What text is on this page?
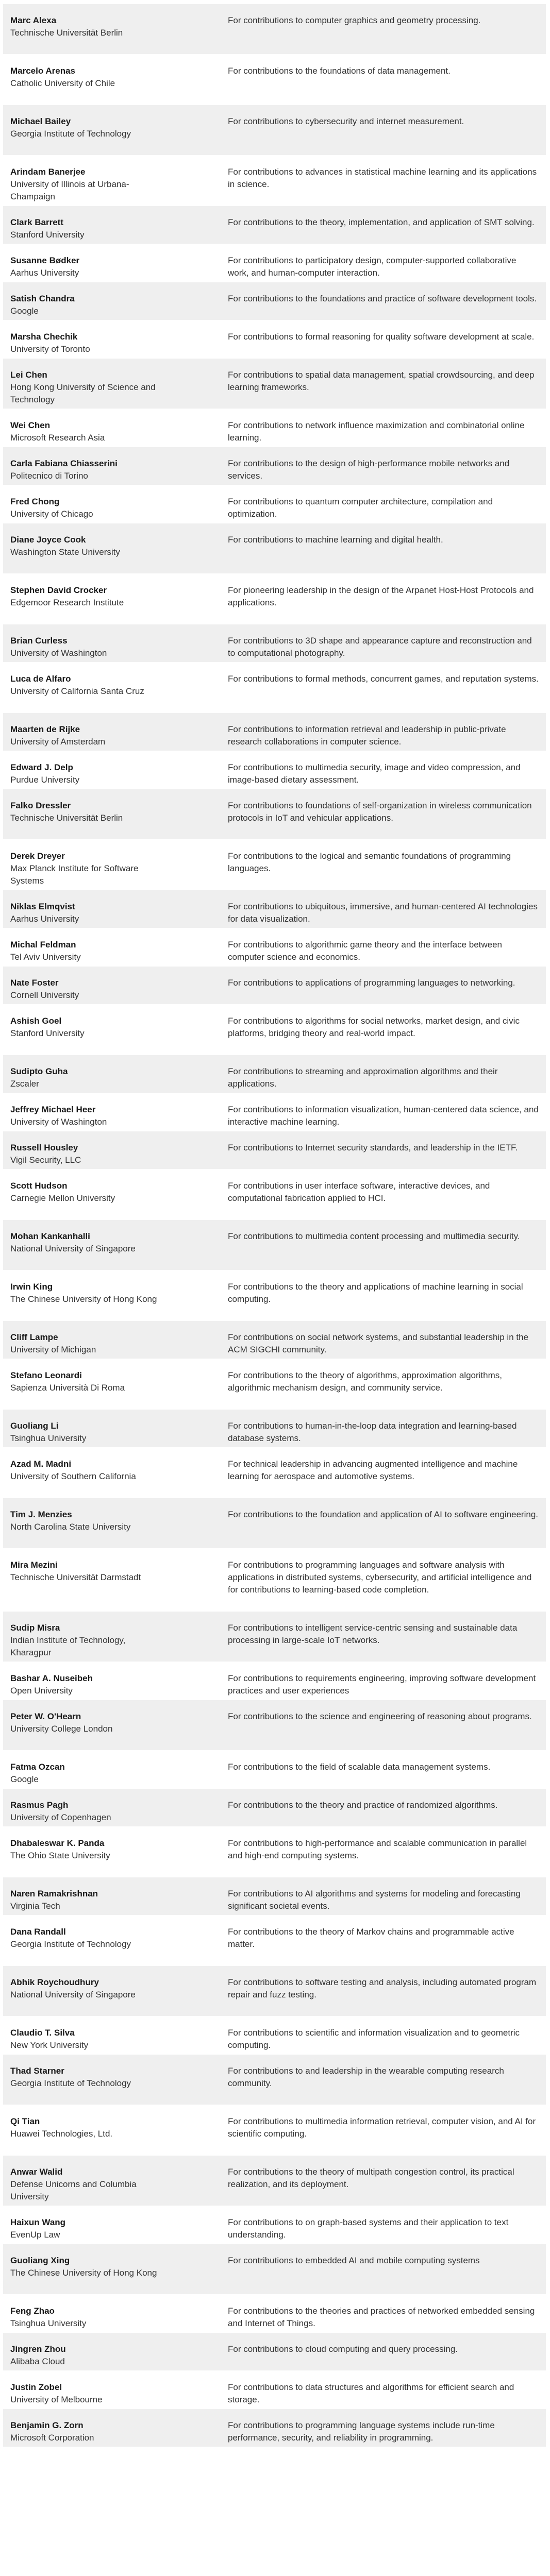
Marc Alexa
Technische Universität Berlin
For contributions to computer graphics and geometry processing.
Marcelo Arenas
Catholic University of Chile
For contributions to the foundations of data management.
Michael Bailey
Georgia Institute of Technology
For contributions to cybersecurity and internet measurement.
Arindam Banerjee
University of Illinois at Urbana-Champaign
For contributions to advances in statistical machine learning and its applications in science.
Clark Barrett
Stanford University
For contributions to the theory, implementation, and application of SMT solving.
Susanne Bødker
Aarhus University
For contributions to participatory design, computer-supported collaborative work, and human-computer interaction.
Satish Chandra
Google
For contributions to the foundations and practice of software development tools.
Marsha Chechik
University of Toronto
For contributions to formal reasoning for quality software development at scale.
Lei Chen
Hong Kong University of Science and Technology
For contributions to spatial data management, spatial crowdsourcing, and deep learning frameworks.
Wei Chen
Microsoft Research Asia
For contributions to network influence maximization and combinatorial online learning.
Carla Fabiana Chiasserini
Politecnico di Torino
For contributions to the design of high-performance mobile networks and services.
Fred Chong
University of Chicago
For contributions to quantum computer architecture, compilation and optimization.
Diane Joyce Cook
Washington State University
For contributions to machine learning and digital health.
Stephen David Crocker
Edgemoor Research Institute
For pioneering leadership in the design of the Arpanet Host-Host Protocols and applications.
Brian Curless
University of Washington
For contributions to 3D shape and appearance capture and reconstruction and to computational photography.
Luca de Alfaro
University of California Santa Cruz
For contributions to formal methods, concurrent games, and reputation systems.
Maarten de Rijke
University of Amsterdam
For contributions to information retrieval and leadership in public-private research collaborations in computer science.
Edward J. Delp
Purdue University
For contributions to multimedia security, image and video compression, and image-based dietary assessment.
Falko Dressler
Technische Universität Berlin
For contributions to foundations of self-organization in wireless communication protocols in IoT and vehicular applications.
Derek Dreyer
Max Planck Institute for Software Systems
For contributions to the logical and semantic foundations of programming languages.
Niklas Elmqvist
Aarhus University
For contributions to ubiquitous, immersive, and human-centered AI technologies for data visualization.
Michal Feldman
Tel Aviv University
For contributions to algorithmic game theory and the interface between computer science and economics.
Nate Foster
Cornell University
For contributions to applications of programming languages to networking.
Ashish Goel
Stanford University
For contributions to algorithms for social networks, market design, and civic platforms, bridging theory and real-world impact.
Sudipto Guha
Zscaler
For contributions to streaming and approximation algorithms and their applications.
Jeffrey Michael Heer
University of Washington
For contributions to information visualization, human-centered data science, and interactive machine learning.
Russell Housley
Vigil Security, LLC
For contributions to Internet security standards, and leadership in the IETF.
Scott Hudson
Carnegie Mellon University
For contributions in user interface software, interactive devices, and computational fabrication applied to HCI.
Mohan Kankanhalli
National University of Singapore
For contributions to multimedia content processing and multimedia security.
Irwin King
The Chinese University of Hong Kong
For contributions to the theory and applications of machine learning in social computing.
Cliff Lampe
University of Michigan
For contributions on social network systems, and substantial leadership in the ACM SIGCHI community.
Stefano Leonardi
Sapienza Università Di Roma
For contributions to the theory of algorithms, approximation algorithms, algorithmic mechanism design, and community service.
Guoliang Li
Tsinghua University
For contributions to human-in-the-loop data integration and learning-based database systems.
Azad M. Madni
University of Southern California
For technical leadership in advancing augmented intelligence and machine learning for aerospace and automotive systems.
Tim J. Menzies
North Carolina State University
For contributions to the foundation and application of AI to software engineering.
Mira Mezini
Technische Universität Darmstadt
For contributions to programming languages and software analysis with applications in distributed systems, cybersecurity, and artificial intelligence and for contributions to learning-based code completion.
Sudip Misra
Indian Institute of Technology, Kharagpur
For contributions to intelligent service-centric sensing and sustainable data processing in large-scale IoT networks.
Bashar A. Nuseibeh
Open University
For contributions to requirements engineering, improving software development practices and user experiences
Peter W. O'Hearn
University College London
For contributions to the science and engineering of reasoning about programs.
Fatma Ozcan
Google
For contributions to the field of scalable data management systems.
Rasmus Pagh
University of Copenhagen
For contributions to the theory and practice of randomized algorithms.
Dhabaleswar K. Panda
The Ohio State University
For contributions to high-performance and scalable communication in parallel and high-end computing systems.
Naren Ramakrishnan
Virginia Tech
For contributions to AI algorithms and systems for modeling and forecasting significant societal events.
Dana Randall
Georgia Institute of Technology
For contributions to the theory of Markov chains and programmable active matter.
Abhik Roychoudhury
National University of Singapore
For contributions to software testing and analysis, including automated program repair and fuzz testing.
Claudio T. Silva
New York University
For contributions to scientific and information visualization and to geometric computing.
Thad Starner
Georgia Institute of Technology
For contributions to and leadership in the wearable computing research community.
Qi Tian
Huawei Technologies, Ltd.
For contributions to multimedia information retrieval, computer vision, and AI for scientific computing.
Anwar Walid
Defense Unicorns and Columbia University
For contributions to the theory of multipath congestion control, its practical realization, and its deployment.
Haixun Wang
EvenUp Law
For contributions to on graph-based systems and their application to text understanding.
Guoliang Xing
The Chinese University of Hong Kong
For contributions to embedded AI and mobile computing systems
Feng Zhao
Tsinghua University
For contributions to the theories and practices of networked embedded sensing and Internet of Things.
Jingren Zhou
Alibaba Cloud
For contributions to cloud computing and query processing.
Justin Zobel
University of Melbourne
For contributions to data structures and algorithms for efficient search and storage.
Benjamin G. Zorn
Microsoft Corporation
For contributions to programming language systems include run-time performance, security, and reliability in programming.
